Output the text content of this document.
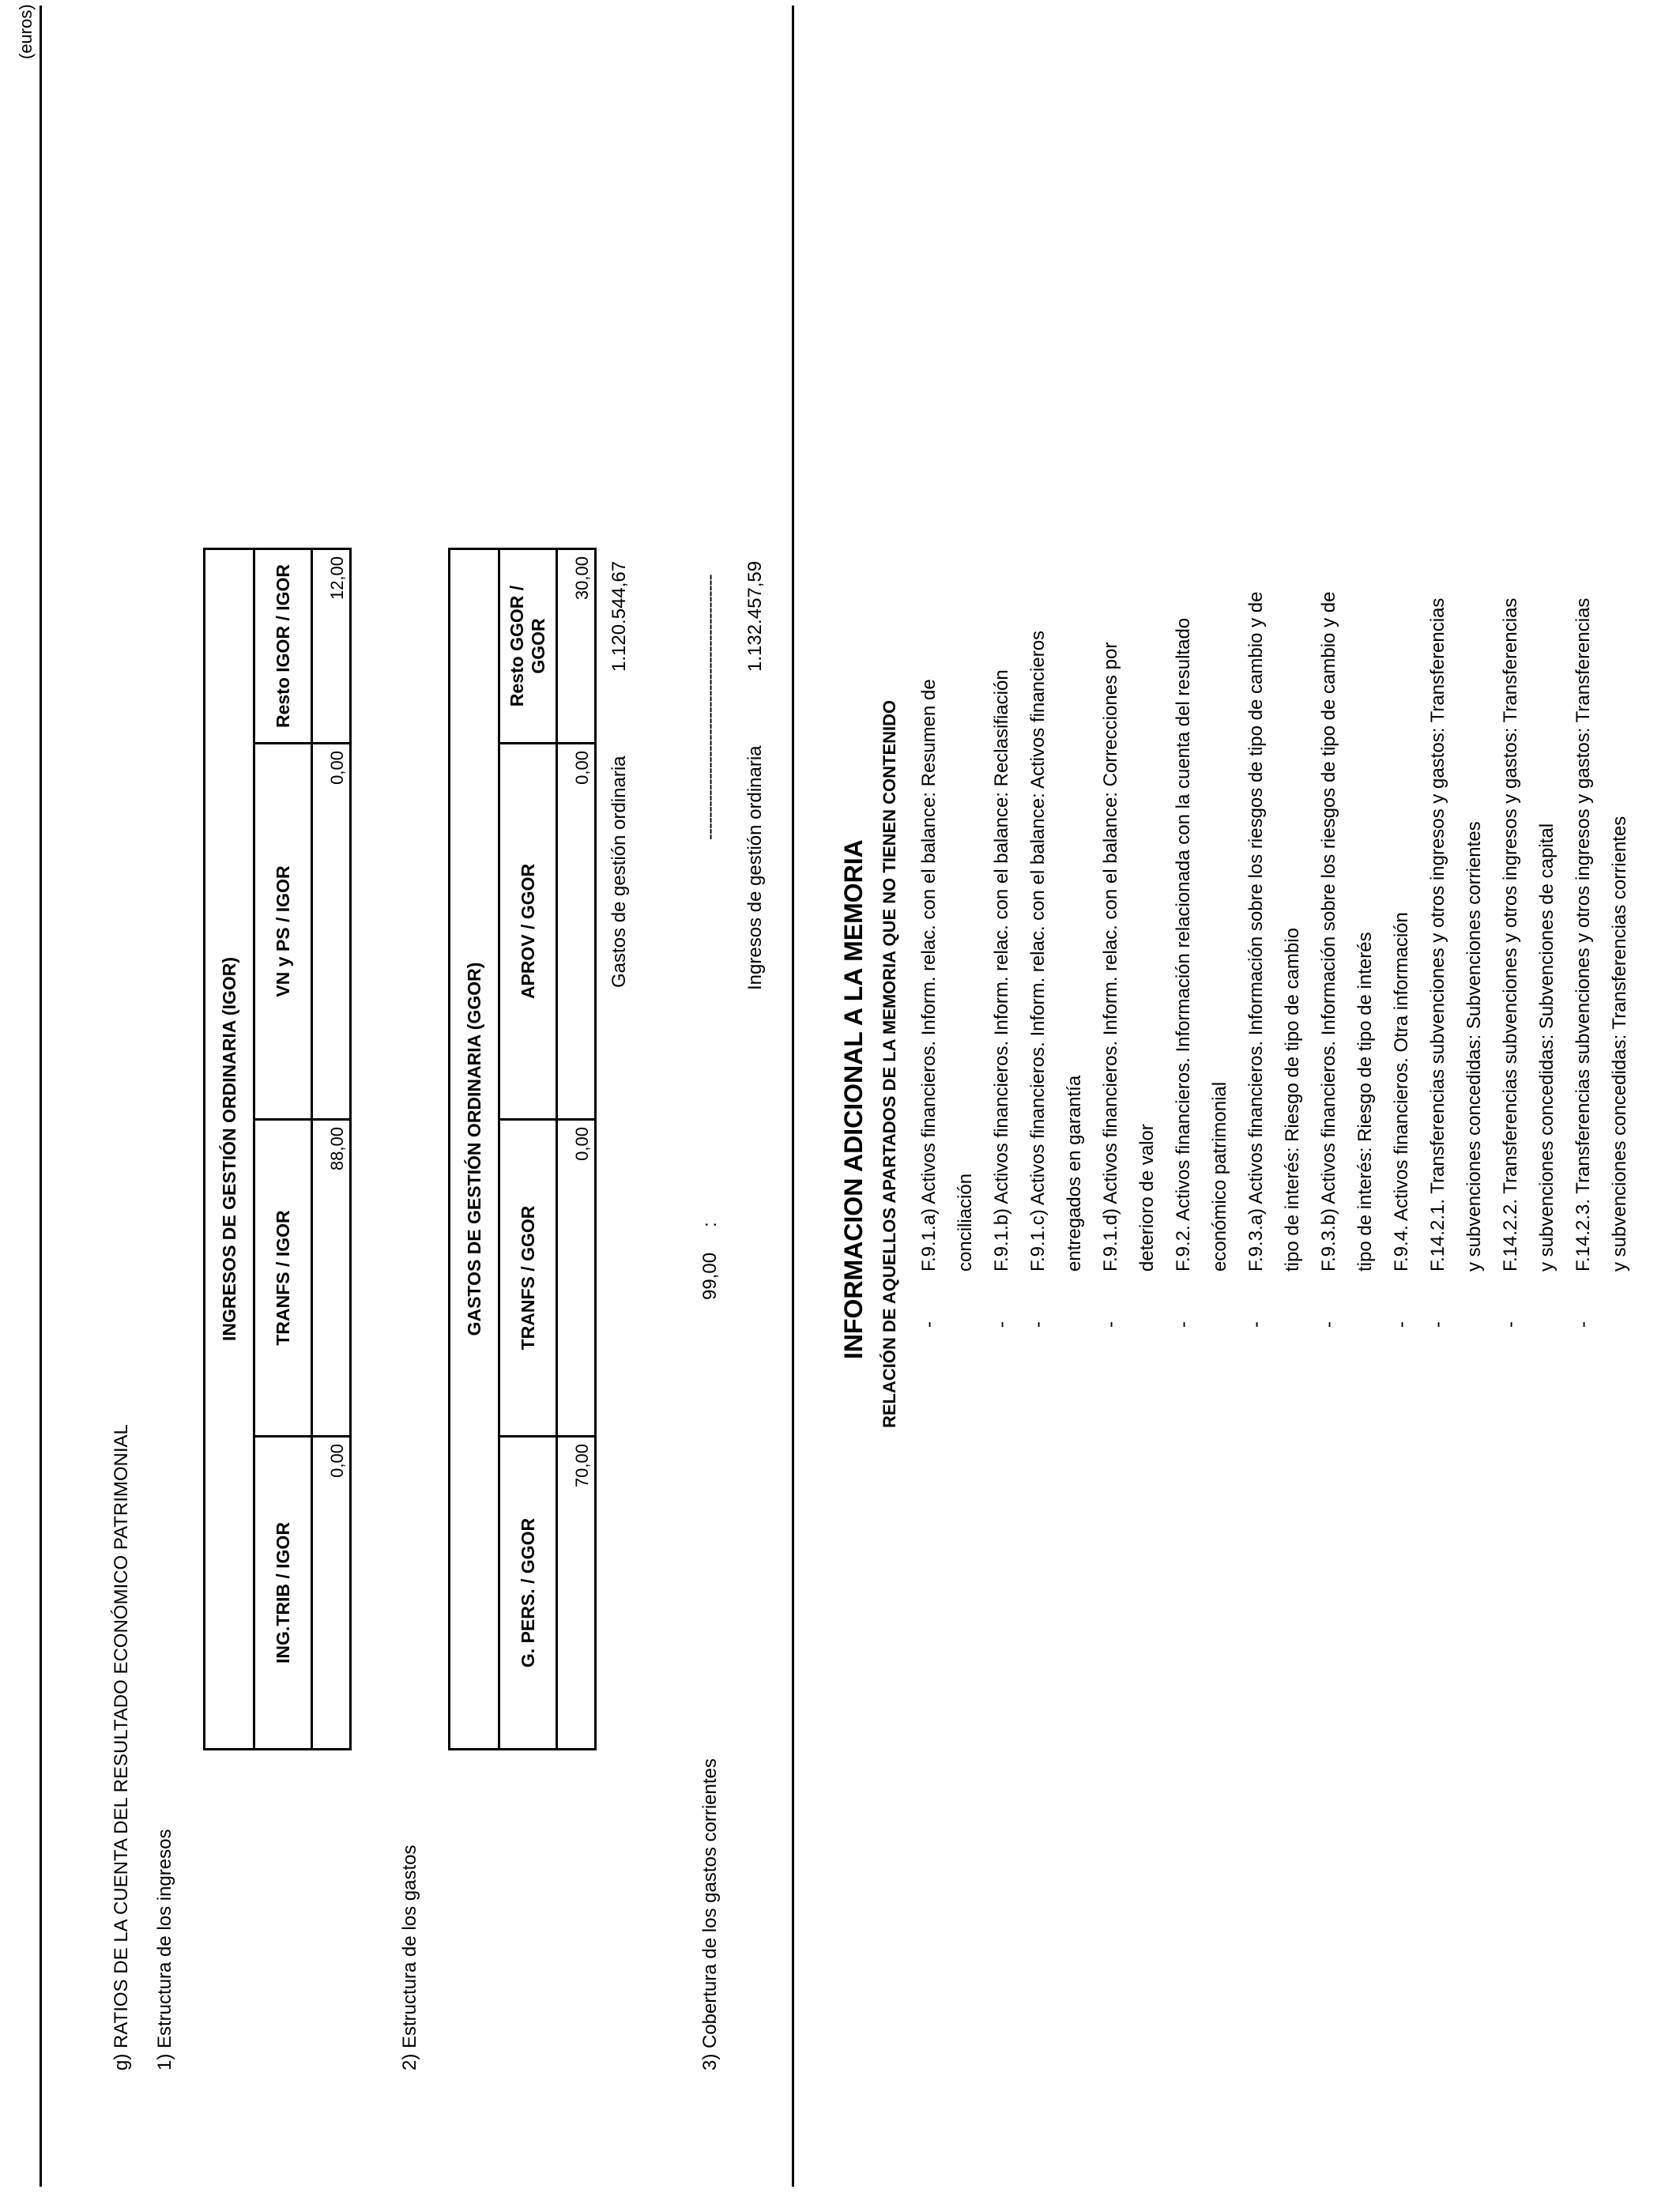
(euros)
g) RATIOS DE LA CUENTA DEL RESULTADO ECONÓMICO PATRIMONIAL 1) Estructura de los ingresos
INGRESOS DE GESTIÓN ORDINARIA (IGOR)			
ING.TRIB / IGOR	TRANFS / IGOR	VN y PS / IGOR	Resto IGOR / IGOR
0,00	88,00	0,00	12,00
2) Estructura de los gastos
GASTOS DE GESTIÓN ORDINARIA (GGOR)			
G. PERS. / GGOR	TRANFS / GGOR	APROV / GGOR	Resto GGOR / GGOR
70,00	0,00	0,00	30,00
3) Cobertura de los gastos corrientes
99,00
:
Gastos de gestión ordinaria
1.120.544,67	------------------------------------------------
Ingresos de gestión ordinaria
1.132.457,59
INFORMACION ADICIONAL A LA MEMORIA RELACIÓN DE AQUELLOS APARTADOS DE LA MEMORIA QUE NO TIENEN CONTENIDO	-
F.9.1.a) Activos financieros. Inform. relac. con el balance: Resumen de conciliación
-
F.9.1.b) Activos financieros. Inform. relac. con el balance: Reclasifiación
-
F.9.1.c) Activos financieros. Inform. relac. con el balance: Activos financieros entregados en garantía
-
F.9.1.d) Activos financieros. Inform. relac. con el balance: Correcciones por deterioro de valor
-
F.9.2. Activos financieros. Información relacionada con la cuenta del resultado económico patrimonial
-
F.9.3.a) Activos financieros. Información sobre los riesgos de tipo de cambio y de tipo de interés: Riesgo de tipo de cambio
-
F.9.3.b) Activos financieros. Información sobre los riesgos de tipo de cambio y de tipo de interés: Riesgo de tipo de interés
-
F.9.4. Activos financieros. Otra información
-
F.14.2.1. Transferencias subvenciones y otros ingresos y gastos: Transferencias y subvenciones concedidas: Subvenciones corrientes
-
F.14.2.2. Transferencias subvenciones y otros ingresos y gastos: Transferencias y subvenciones concedidas: Subvenciones de capital
-
F.14.2.3. Transferencias subvenciones y otros ingresos y gastos: Transferencias y subvenciones concedidas: Transferencias corrientes
